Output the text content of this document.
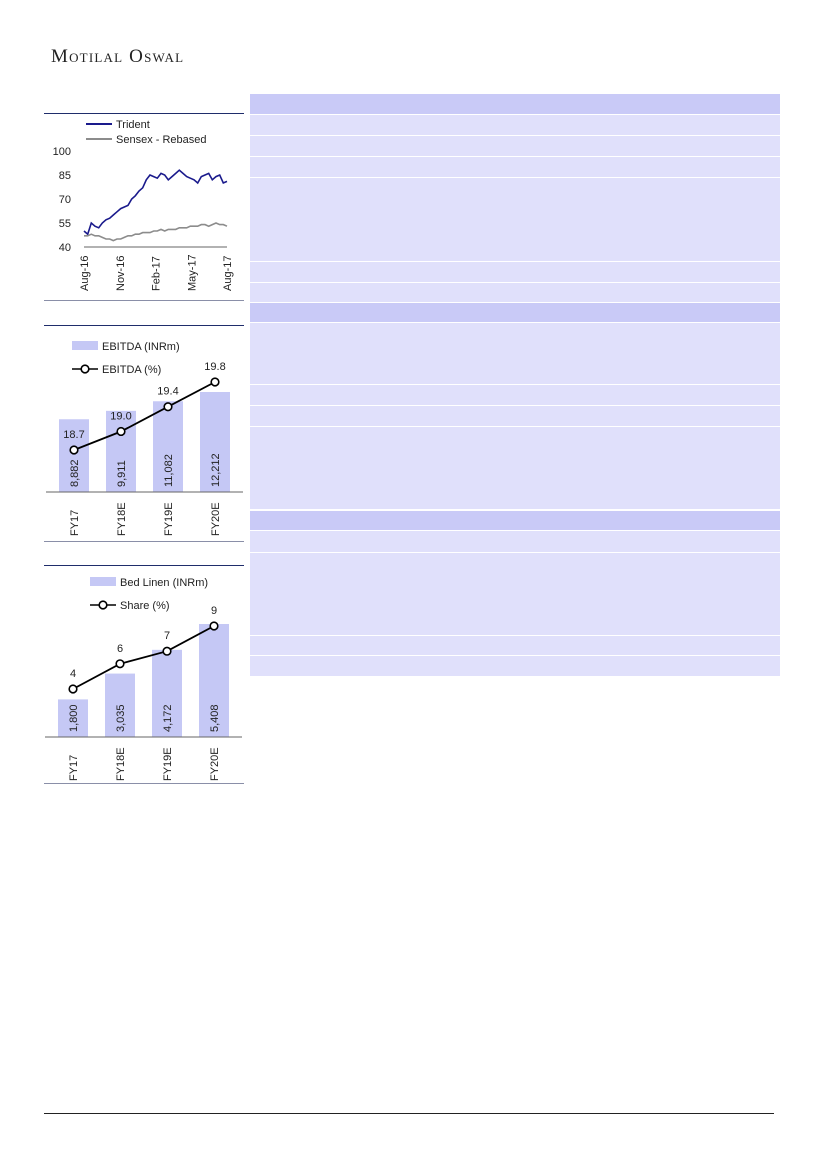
Motilal Oswal
Trident
Sensex - Rebased
100
85
70
55
40
Aug-16 Nov-16 Feb-17 May-17 Aug-17
EBITDA (INRm)
EBITDA (%)
8,882	9,911	11,082	12,212
18.7
19.0
19.4
19.8
FY17	FY18E	FY19E	FY20E
Bed Linen (INRm)
Share (%)
1,800	3,035	4,172	5,408
4
6
7
9
FY17	FY18E	FY19E	FY20E
